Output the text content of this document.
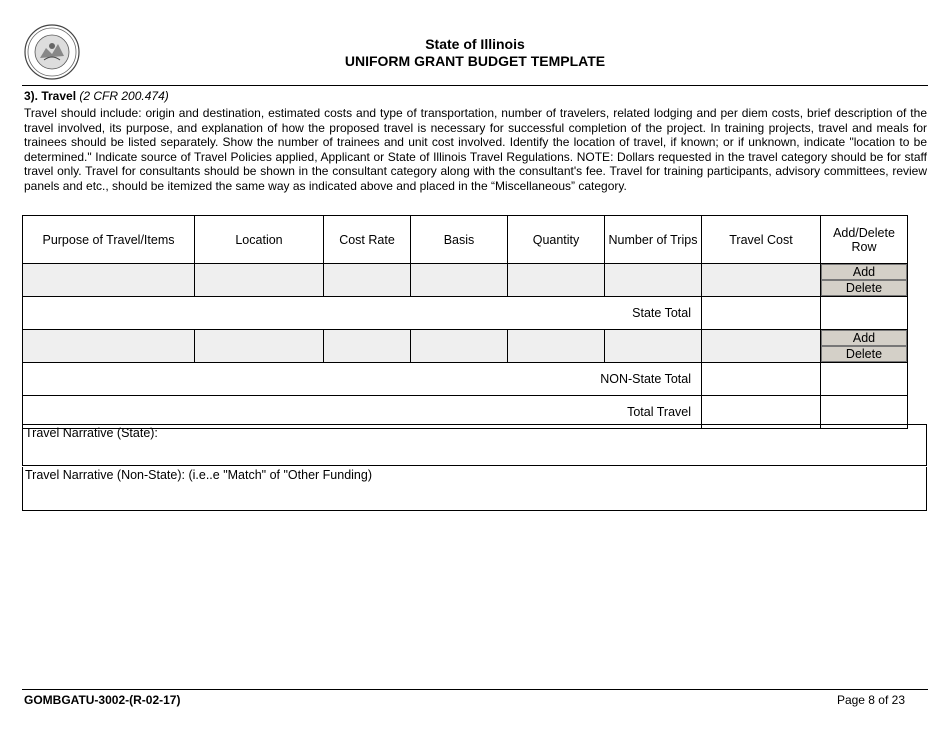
State of Illinois
UNIFORM GRANT BUDGET TEMPLATE
3). Travel (2 CFR 200.474)
Travel should include: origin and destination, estimated costs and type of transportation, number of travelers, related lodging and per diem costs, brief description of the travel involved, its purpose, and explanation of how the proposed travel is necessary for successful completion of the project. In training projects, travel and meals for trainees should be listed separately. Show the number of trainees and unit cost involved. Identify the location of travel, if known; or if unknown, indicate "location to be determined." Indicate source of Travel Policies applied, Applicant or State of Illinois Travel Regulations. NOTE: Dollars requested in the travel category should be for staff travel only. Travel for consultants should be shown in the consultant category along with the consultant's fee. Travel for training participants, advisory committees, review panels and etc., should be itemized the same way as indicated above and placed in the “Miscellaneous” category.
Purpose of Travel/Items	Location	Cost Rate	Basis	Quantity	Number of Trips	Travel Cost	Add/Delete Row

							Add
Delete

State Total							

							Add
Delete

NON-State Total							
Total Travel							
Travel Narrative (State):
Travel Narrative (Non-State): (i.e..e "Match" of "Other Funding)
GOMBGATU-3002-(R-02-17)	Page 8 of 23
